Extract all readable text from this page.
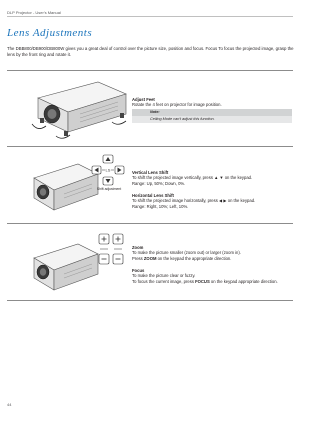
DLP Projector - User's Manual
Lens Adjustments

The DBB800/DB900/DB800W gives you a great deal of control over the picture size, position and focus. Focus To focus the projected image, grasp the lens by the front ring and rotate it.

Adjust Feet

Rotate the 4 feet on projector for image position.

Note:
Ceiling Mode can't adjust this function.
LS
Shift adjustment
Vertical Lens Shift

To shift the projected image vertically, press ▲ ▼ on the keypad.

Range: Up, 50%; Down, 0%.

Horizontal Lens Shift

To shift the projected image horizontally, press ◀ ▶ on the keypad.

Range: Right, 10%; Left, 10%.

Zoom

To make the picture smaller (zoom out) or larger (zoom in).

Press ZOOM on the keypad the appropriate direction.

Focus

To make the picture clear or fuzzy.

To focus the current image, press FOCUS on the keypad appropriate direction.

44
